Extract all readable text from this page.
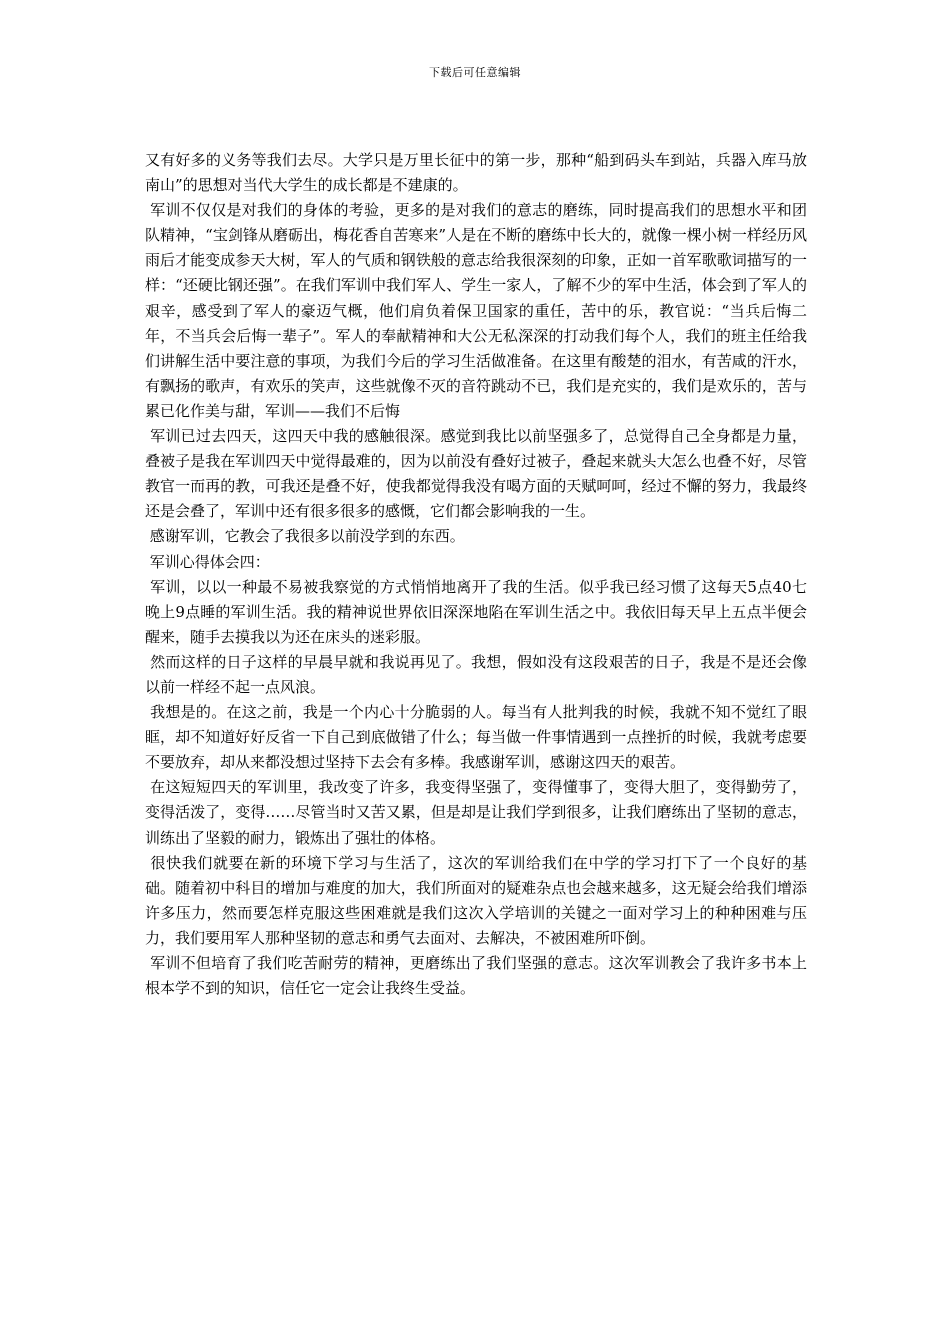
下载后可任意编辑

又有好多的义务等我们去尽。大学只是万里长征中的第一步，那种“船到码头车到站，兵器入库马放南山”的思想对当代大学生的成长都是不建康的。

军训不仅仅是对我们的身体的考验，更多的是对我们的意志的磨练，同时提高我们的思想水平和团队精神，“宝剑锋从磨砺出，梅花香自苦寒来”人是在不断的磨练中长大的，就像一棵小树一样经历风雨后才能变成参天大树，军人的气质和钢铁般的意志给我很深刻的印象，正如一首军歌歌词描写的一样：“还硬比钢还强”。在我们军训中我们军人、学生一家人，了解不少的军中生活，体会到了军人的艰辛，感受到了军人的豪迈气概，他们肩负着保卫国家的重任，苦中的乐，教官说：“当兵后悔二年，不当兵会后悔一辈子”。军人的奉献精神和大公无私深深的打动我们每个人，我们的班主任给我们讲解生活中要注意的事项，为我们今后的学习生活做准备。在这里有酸楚的泪水，有苦咸的汗水，有飘扬的歌声，有欢乐的笑声，这些就像不灭的音符跳动不已，我们是充实的，我们是欢乐的，苦与累已化作美与甜，军训——我们不后悔

军训已过去四天，这四天中我的感触很深。感觉到我比以前坚强多了，总觉得自己全身都是力量，叠被子是我在军训四天中觉得最难的，因为以前没有叠好过被子，叠起来就头大怎么也叠不好，尽管教官一而再的教，可我还是叠不好，使我都觉得我没有喝方面的天赋呵呵，经过不懈的努力，我最终还是会叠了，军训中还有很多很多的感慨，它们都会影响我的一生。

感谢军训，它教会了我很多以前没学到的东西。

军训心得体会四：

军训，以以一种最不易被我察觉的方式悄悄地离开了我的生活。似乎我已经习惯了这每天5点40七晚上9点睡的军训生活。我的精神说世界依旧深深地陷在军训生活之中。我依旧每天早上五点半便会醒来，随手去摸我以为还在床头的迷彩服。

然而这样的日子这样的早晨早就和我说再见了。我想，假如没有这段艰苦的日子，我是不是还会像以前一样经不起一点风浪。

我想是的。在这之前，我是一个内心十分脆弱的人。每当有人批判我的时候，我就不知不觉红了眼眶，却不知道好好反省一下自己到底做错了什么；每当做一件事情遇到一点挫折的时候，我就考虑要不要放弃，却从来都没想过坚持下去会有多棒。我感谢军训，感谢这四天的艰苦。

在这短短四天的军训里，我改变了许多，我变得坚强了，变得懂事了，变得大胆了，变得勤劳了，变得活泼了，变得……尽管当时又苦又累，但是却是让我们学到很多，让我们磨练出了坚韧的意志，训练出了坚毅的耐力，锻炼出了强壮的体格。

很快我们就要在新的环境下学习与生活了，这次的军训给我们在中学的学习打下了一个良好的基础。随着初中科目的增加与难度的加大，我们所面对的疑难杂点也会越来越多，这无疑会给我们增添许多压力，然而要怎样克服这些困难就是我们这次入学培训的关键之一面对学习上的种种困难与压力，我们要用军人那种坚韧的意志和勇气去面对、去解决，不被困难所吓倒。

军训不但培育了我们吃苦耐劳的精神，更磨练出了我们坚强的意志。这次军训教会了我许多书本上根本学不到的知识，信任它一定会让我终生受益。
